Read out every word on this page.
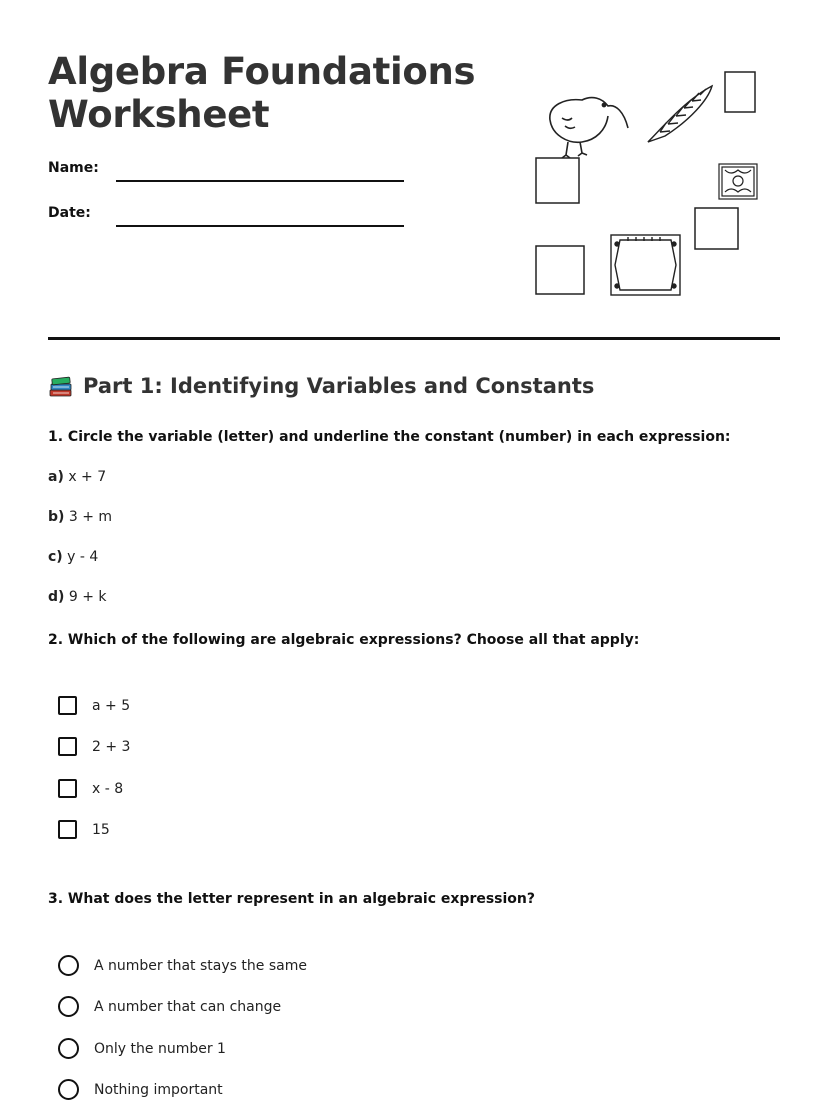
Algebra Foundations
Worksheet
Name:
Date:
Part 1: Identifying Variables and Constants
1. Circle the variable (letter) and underline the constant (number) in each expression:
a) x + 7
b) 3 + m
c) y - 4
d) 9 + k
2. Which of the following are algebraic expressions? Choose all that apply:
a + 5
2 + 3
x - 8
15
3. What does the letter represent in an algebraic expression?
A number that stays the same
A number that can change
Only the number 1
Nothing important
